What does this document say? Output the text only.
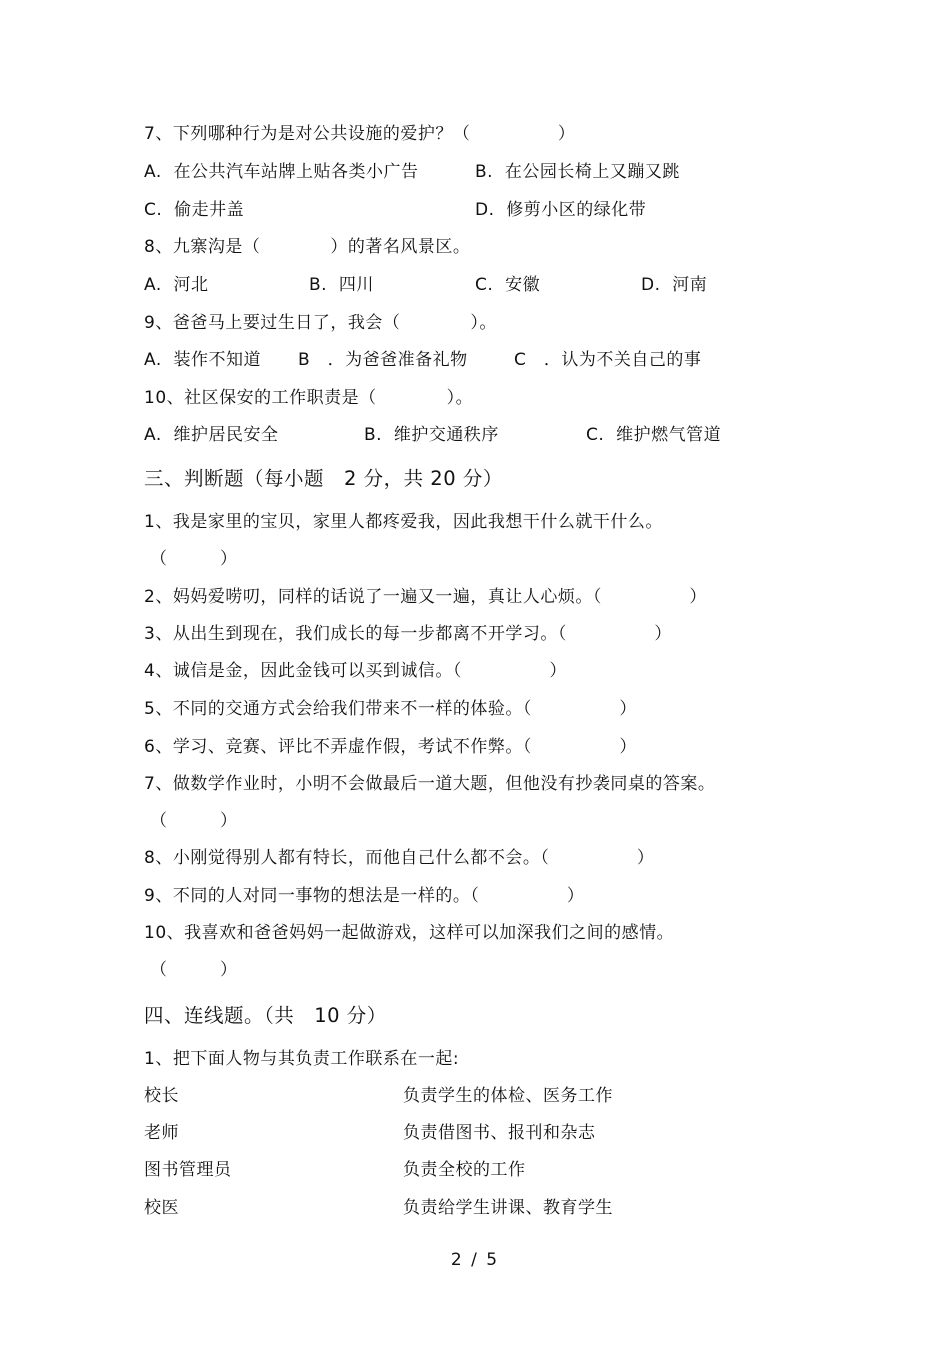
7、下列哪种行为是对公共设施的爱护？（　　　　　）
A.  在公共汽车站牌上贴各类小广告	B.  在公园长椅上又蹦又跳
C.  偷走井盖	D.  修剪小区的绿化带
8、九寨沟是（　　　　）的著名风景区。
A.  河北	B.  四川	C.  安徽	D.  河南
9、爸爸马上要过生日了，我会（　　　　）。
A.  装作不知道 B　．为爸爸准备礼物	C　．认为不关自己的事
10、社区保安的工作职责是（　　　　）。
A.  维护居民安全	B.  维护交通秩序	C.  维护燃气管道
三、判断题（每小题　2 分，共 20 分）
1、我是家里的宝贝，家里人都疼爱我，因此我想干什么就干什么。
（　　　）
2、妈妈爱唠叨，同样的话说了一遍又一遍，真让人心烦。（　　　　　）
3、从出生到现在，我们成长的每一步都离不开学习。（　　　　　）
4、诚信是金，因此金钱可以买到诚信。（　　　　　）
5、不同的交通方式会给我们带来不一样的体验。（　　　　　）
6、学习、竞赛、评比不弄虚作假，考试不作弊。（　　　　　）
7、做数学作业时，小明不会做最后一道大题，但他没有抄袭同桌的答案。
（　　　）
8、小刚觉得别人都有特长，而他自己什么都不会。（　　　　　）
9、不同的人对同一事物的想法是一样的。（　　　　　）
10、我喜欢和爸爸妈妈一起做游戏，这样可以加深我们之间的感情。
（　　　）
四、连线题。（共　10 分）
1、把下面人物与其负责工作联系在一起:
校长	负责学生的体检、医务工作
老师	负责借图书、报刊和杂志
图书管理员	负责全校的工作
校医	负责给学生讲课、教育学生
2 / 5
